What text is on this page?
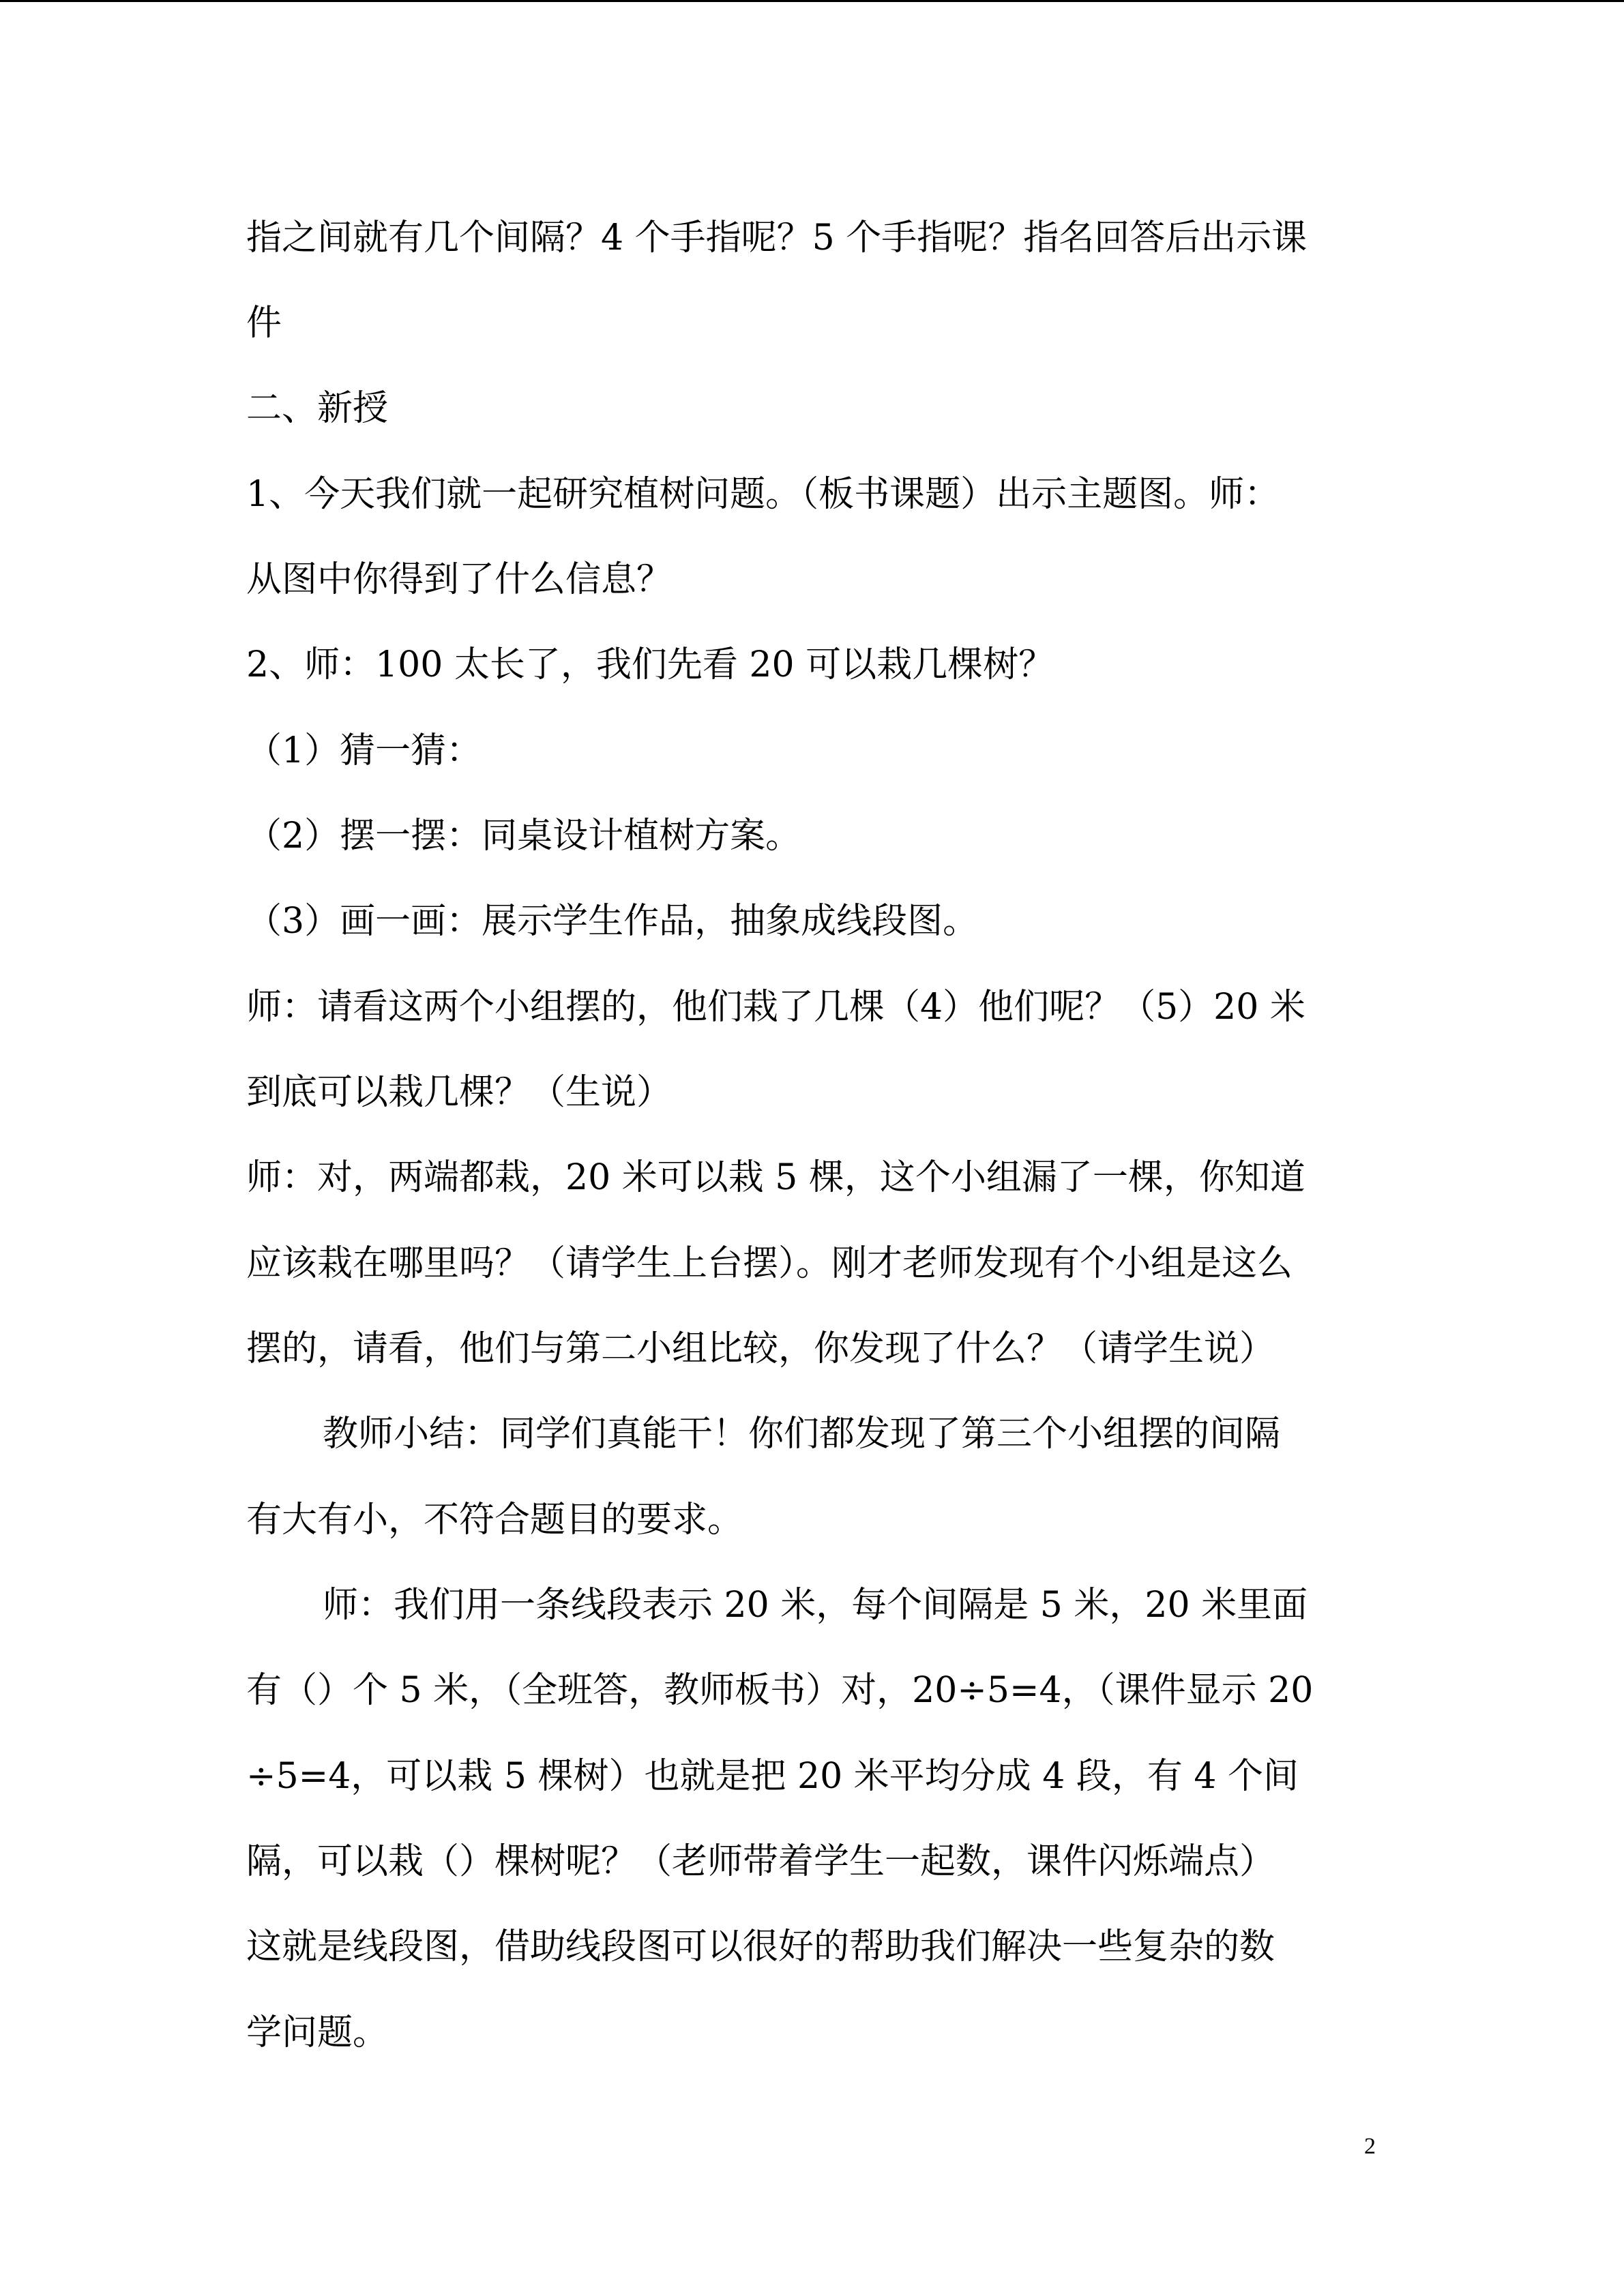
指之间就有几个间隔？4 个手指呢？5 个手指呢？指名回答后出示课
件
二、新授
1、今天我们就一起研究植树问题。（板书课题）出示主题图。师：
从图中你得到了什么信息？
2、师：100 太长了，我们先看 20 可以栽几棵树？
（1）猜一猜：
（2）摆一摆：同桌设计植树方案。
（3）画一画：展示学生作品，抽象成线段图。
师：请看这两个小组摆的，他们栽了几棵（4）他们呢？（5）20 米
到底可以栽几棵？（生说）
师：对，两端都栽，20 米可以栽 5 棵，这个小组漏了一棵，你知道
应该栽在哪里吗？（请学生上台摆）。刚才老师发现有个小组是这么
摆的，请看，他们与第二小组比较，你发现了什么？（请学生说）
教师小结：同学们真能干！你们都发现了第三个小组摆的间隔
有大有小，不符合题目的要求。
师：我们用一条线段表示 20 米，每个间隔是 5 米，20 米里面
有（）个 5 米，（全班答，教师板书）对，20÷5=4，（课件显示 20
÷5=4，可以栽 5 棵树）也就是把 20 米平均分成 4 段，有 4 个间
隔，可以栽（）棵树呢？（老师带着学生一起数，课件闪烁端点）
这就是线段图，借助线段图可以很好的帮助我们解决一些复杂的数
学问题。
2
